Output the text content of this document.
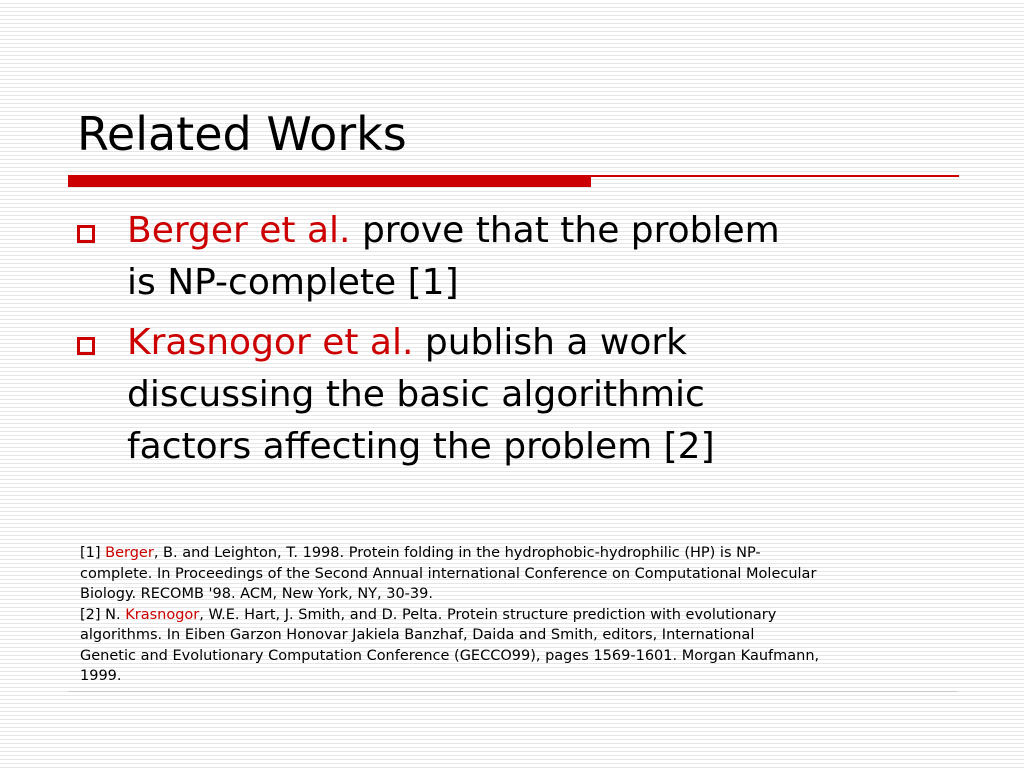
Related Works
Berger et al. prove that the problem
is NP-complete [1]
Krasnogor et al. publish a work
discussing the basic algorithmic
factors affecting the problem [2]
[1] Berger, B. and Leighton, T. 1998. Protein folding in the hydrophobic-hydrophilic (HP) is NP-
complete. In Proceedings of the Second Annual international Conference on Computational Molecular
Biology. RECOMB '98. ACM, New York, NY, 30-39.
[2] N. Krasnogor, W.E. Hart, J. Smith, and D. Pelta. Protein structure prediction with evolutionary
algorithms. In Eiben Garzon Honovar Jakiela Banzhaf, Daida and Smith, editors, International
Genetic and Evolutionary Computation Conference (GECCO99), pages 1569-1601. Morgan Kaufmann,
1999.
